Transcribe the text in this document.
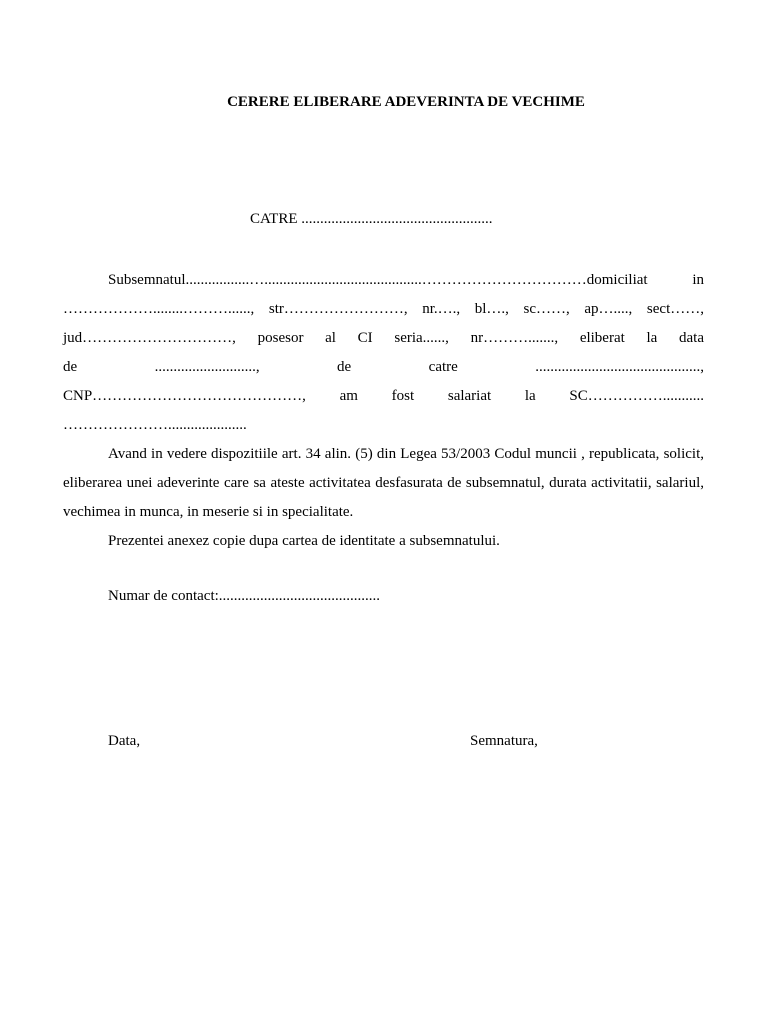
CERERE ELIBERARE ADEVERINTA DE VECHIME
CATRE ...................................................
Subsemnatul.................…..........................................……………………………domiciliat in
………………........………......, str……………………, nr.…., bl…., sc……, ap…...., sect……,
jud…………………………, posesor al CI seria......, nr………......., eliberat la data
de ..........................., de catre ............................................,
CNP……………………………………, am fost salariat la SC……………...........
………………….....................
Avand in vedere dispozitiile art. 34 alin. (5) din Legea 53/2003 Codul muncii , republicata, solicit, eliberarea unei adeverinte care sa ateste activitatea desfasurata de subsemnatul, durata activitatii, salariul, vechimea in munca, in meserie si in specialitate.
Prezentei anexez copie dupa cartea de identitate a subsemnatului.
Numar de contact:...........................................
Data,	Semnatura,
